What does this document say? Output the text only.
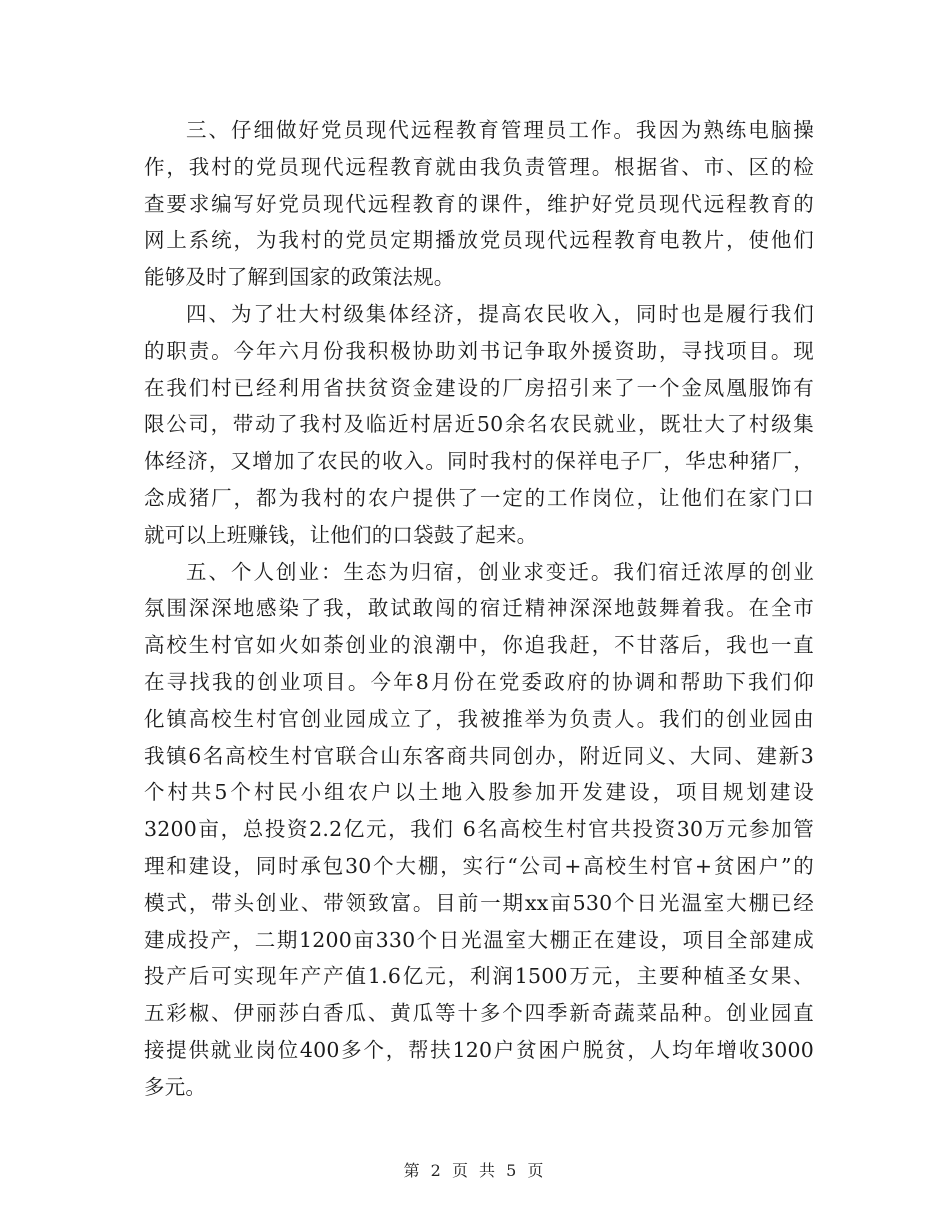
三、仔细做好党员现代远程教育管理员工作。我因为熟练电脑操
作，我村的党员现代远程教育就由我负责管理。根据省、市、区的检
查要求编写好党员现代远程教育的课件，维护好党员现代远程教育的
网上系统，为我村的党员定期播放党员现代远程教育电教片，使他们
能够及时了解到国家的政策法规。
四、为了壮大村级集体经济，提高农民收入，同时也是履行我们
的职责。今年六月份我积极协助刘书记争取外援资助，寻找项目。现
在我们村已经利用省扶贫资金建设的厂房招引来了一个金凤凰服饰有
限公司，带动了我村及临近村居近50余名农民就业，既壮大了村级集
体经济，又增加了农民的收入。同时我村的保祥电子厂，华忠种猪厂，
念成猪厂，都为我村的农户提供了一定的工作岗位，让他们在家门口
就可以上班赚钱，让他们的口袋鼓了起来。
五、个人创业：生态为归宿，创业求变迁。我们宿迁浓厚的创业
氛围深深地感染了我，敢试敢闯的宿迁精神深深地鼓舞着我。在全市
高校生村官如火如荼创业的浪潮中，你追我赶，不甘落后，我也一直
在寻找我的创业项目。今年8月份在党委政府的协调和帮助下我们仰
化镇高校生村官创业园成立了，我被推举为负责人。我们的创业园由
我镇6名高校生村官联合山东客商共同创办，附近同义、大同、建新3
个村共5个村民小组农户以土地入股参加开发建设，项目规划建设
3200亩，总投资2.2亿元，我们 6名高校生村官共投资30万元参加管
理和建设，同时承包30个大棚，实行“公司+高校生村官+贫困户”的
模式，带头创业、带领致富。目前一期xx亩530个日光温室大棚已经
建成投产，二期1200亩330个日光温室大棚正在建设，项目全部建成
投产后可实现年产产值1.6亿元，利润1500万元，主要种植圣女果、
五彩椒、伊丽莎白香瓜、黄瓜等十多个四季新奇蔬菜品种。创业园直
接提供就业岗位400多个，帮扶120户贫困户脱贫，人均年增收3000
多元。
第 2 页 共 5 页
